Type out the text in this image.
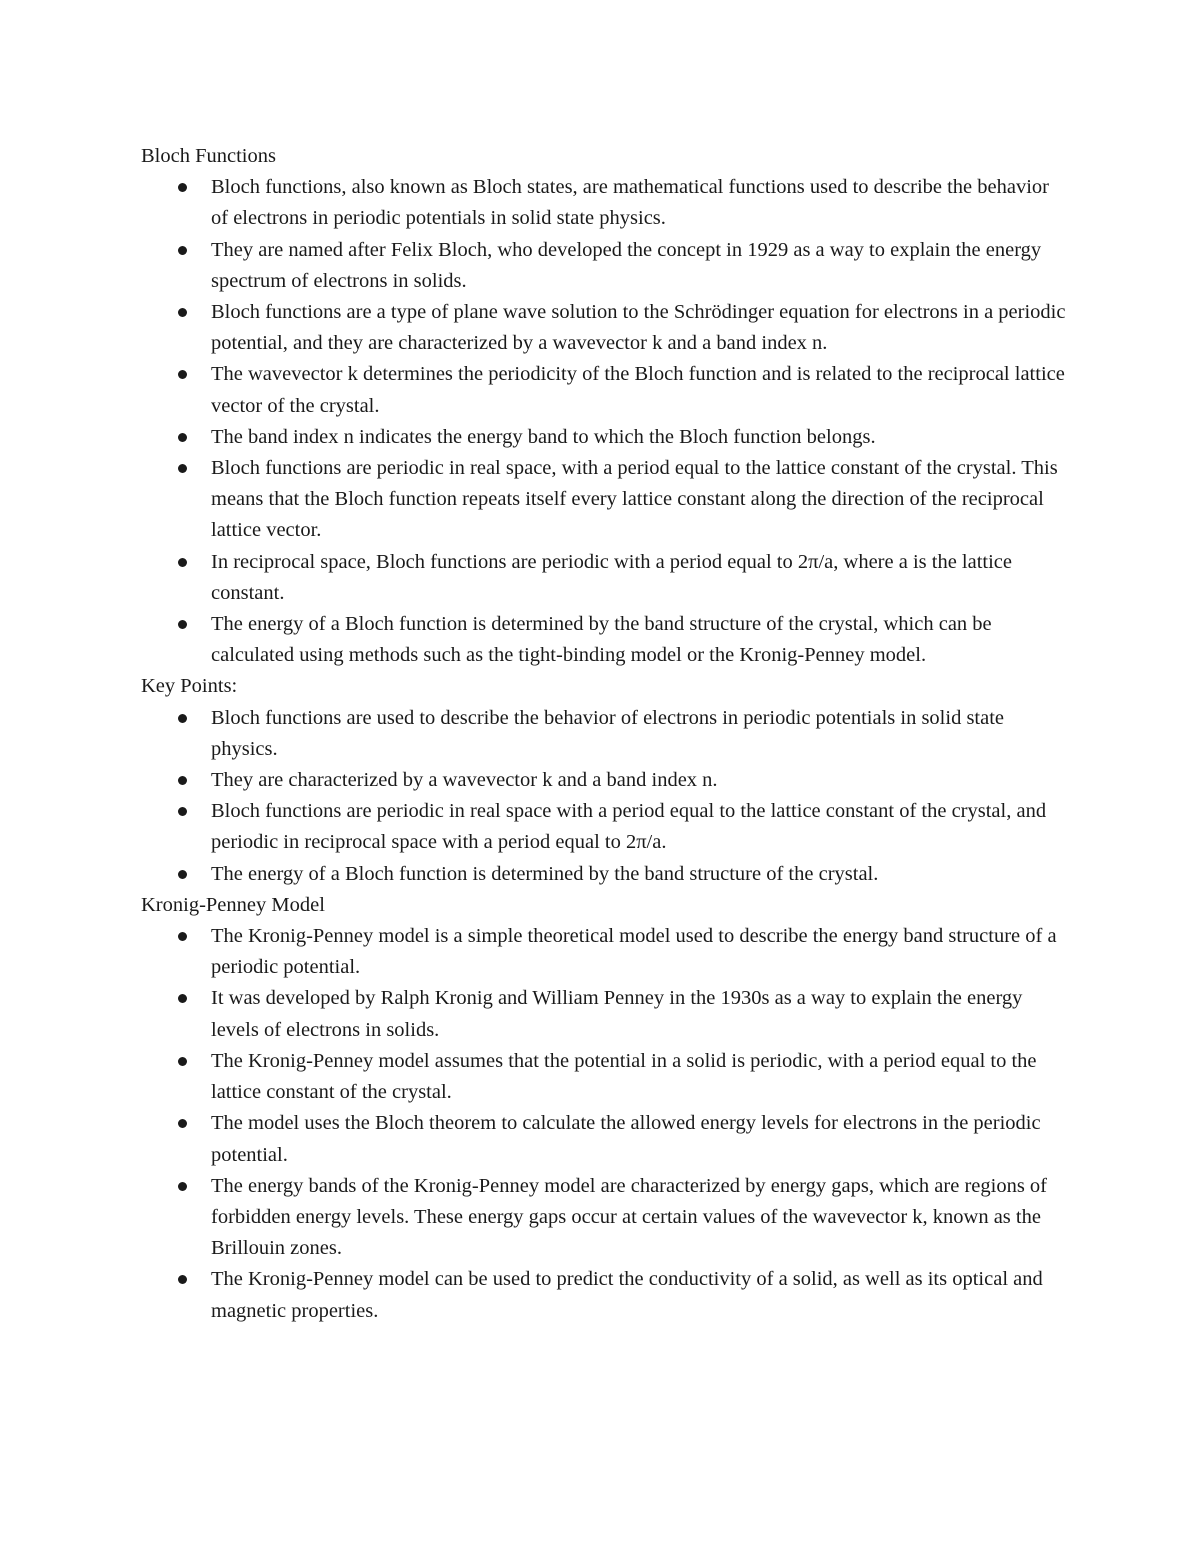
Bloch Functions

Bloch functions, also known as Bloch states, are mathematical functions used to describe the behavior of electrons in periodic potentials in solid state physics.
They are named after Felix Bloch, who developed the concept in 1929 as a way to explain the energy spectrum of electrons in solids.
Bloch functions are a type of plane wave solution to the Schrödinger equation for electrons in a periodic potential, and they are characterized by a wavevector k and a band index n.
The wavevector k determines the periodicity of the Bloch function and is related to the reciprocal lattice vector of the crystal.
The band index n indicates the energy band to which the Bloch function belongs.
Bloch functions are periodic in real space, with a period equal to the lattice constant of the crystal. This means that the Bloch function repeats itself every lattice constant along the direction of the reciprocal lattice vector.
In reciprocal space, Bloch functions are periodic with a period equal to 2π/a, where a is the lattice constant.
The energy of a Bloch function is determined by the band structure of the crystal, which can be calculated using methods such as the tight-binding model or the Kronig-Penney model.

Key Points:

Bloch functions are used to describe the behavior of electrons in periodic potentials in solid state physics.
They are characterized by a wavevector k and a band index n.
Bloch functions are periodic in real space with a period equal to the lattice constant of the crystal, and periodic in reciprocal space with a period equal to 2π/a.
The energy of a Bloch function is determined by the band structure of the crystal.

Kronig-Penney Model

The Kronig-Penney model is a simple theoretical model used to describe the energy band structure of a periodic potential.
It was developed by Ralph Kronig and William Penney in the 1930s as a way to explain the energy levels of electrons in solids.
The Kronig-Penney model assumes that the potential in a solid is periodic, with a period equal to the lattice constant of the crystal.
The model uses the Bloch theorem to calculate the allowed energy levels for electrons in the periodic potential.
The energy bands of the Kronig-Penney model are characterized by energy gaps, which are regions of forbidden energy levels. These energy gaps occur at certain values of the wavevector k, known as the Brillouin zones.
The Kronig-Penney model can be used to predict the conductivity of a solid, as well as its optical and magnetic properties.
